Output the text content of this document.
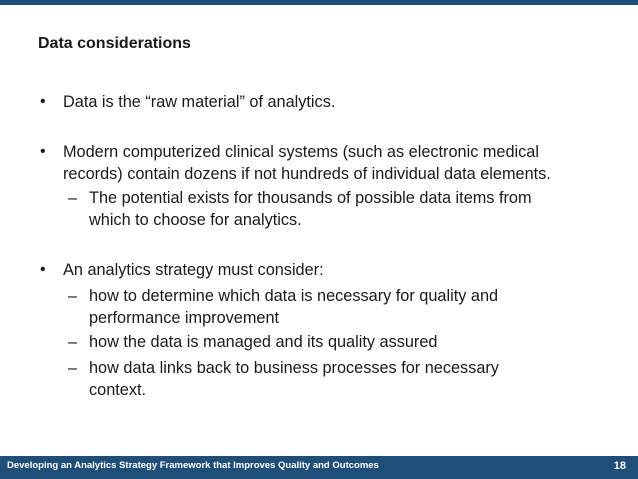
Data considerations
• Data is the “raw material” of analytics.
• Modern computerized clinical systems (such as electronic medical
records) contain dozens if not hundreds of individual data elements.
– The potential exists for thousands of possible data items from
which to choose for analytics.
• An analytics strategy must consider:
– how to determine which data is necessary for quality and
performance improvement
– how the data is managed and its quality assured
– how data links back to business processes for necessary
context.
Developing an Analytics Strategy Framework that Improves Quality and Outcomes	18
